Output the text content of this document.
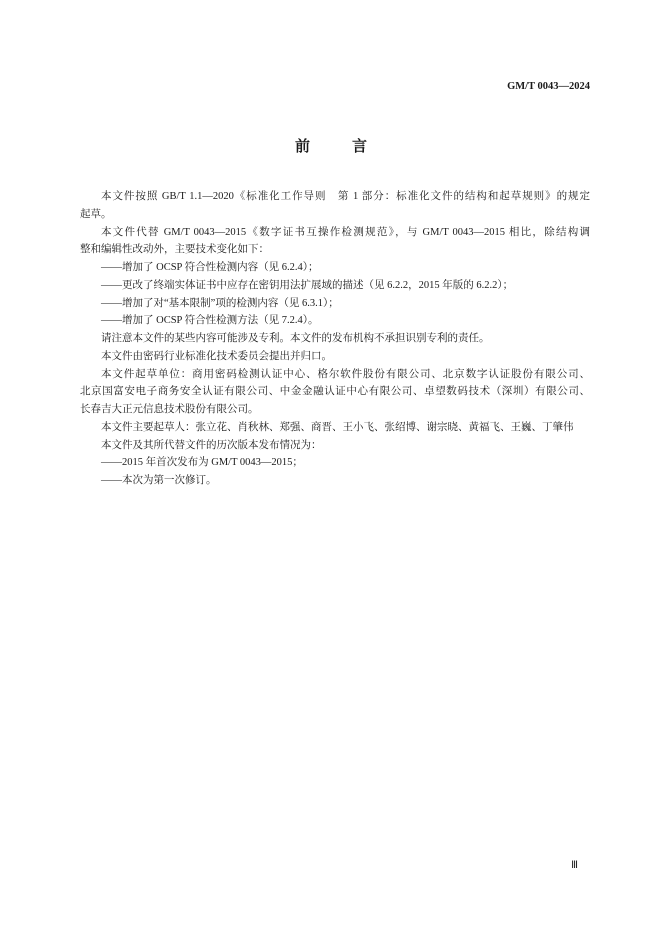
GM/T 0043—2024
前　　言
本文件按照 GB/T 1.1—2020《标准化工作导则　第 1 部分：标准化文件的结构和起草规则》的规定
起草。
本文件代替 GM/T 0043—2015《数字证书互操作检测规范》，与 GM/T 0043—2015 相比，除结构调
整和编辑性改动外，主要技术变化如下：
——增加了 OCSP 符合性检测内容（见 6.2.4）；
——更改了终端实体证书中应存在密钥用法扩展域的描述（见 6.2.2，2015 年版的 6.2.2）；
——增加了对“基本限制”项的检测内容（见 6.3.1）；
——增加了 OCSP 符合性检测方法（见 7.2.4）。
请注意本文件的某些内容可能涉及专利。本文件的发布机构不承担识别专利的责任。
本文件由密码行业标准化技术委员会提出并归口。
本文件起草单位：商用密码检测认证中心、格尔软件股份有限公司、北京数字认证股份有限公司、
北京国富安电子商务安全认证有限公司、中金金融认证中心有限公司、卓望数码技术（深圳）有限公司、
长春吉大正元信息技术股份有限公司。
本文件主要起草人：张立花、肖秋林、郑强、商晋、王小飞、张绍博、谢宗晓、黄福飞、王巍、丁肇伟
本文件及其所代替文件的历次版本发布情况为：
——2015 年首次发布为 GM/T 0043—2015；
——本次为第一次修订。
Ⅲ
